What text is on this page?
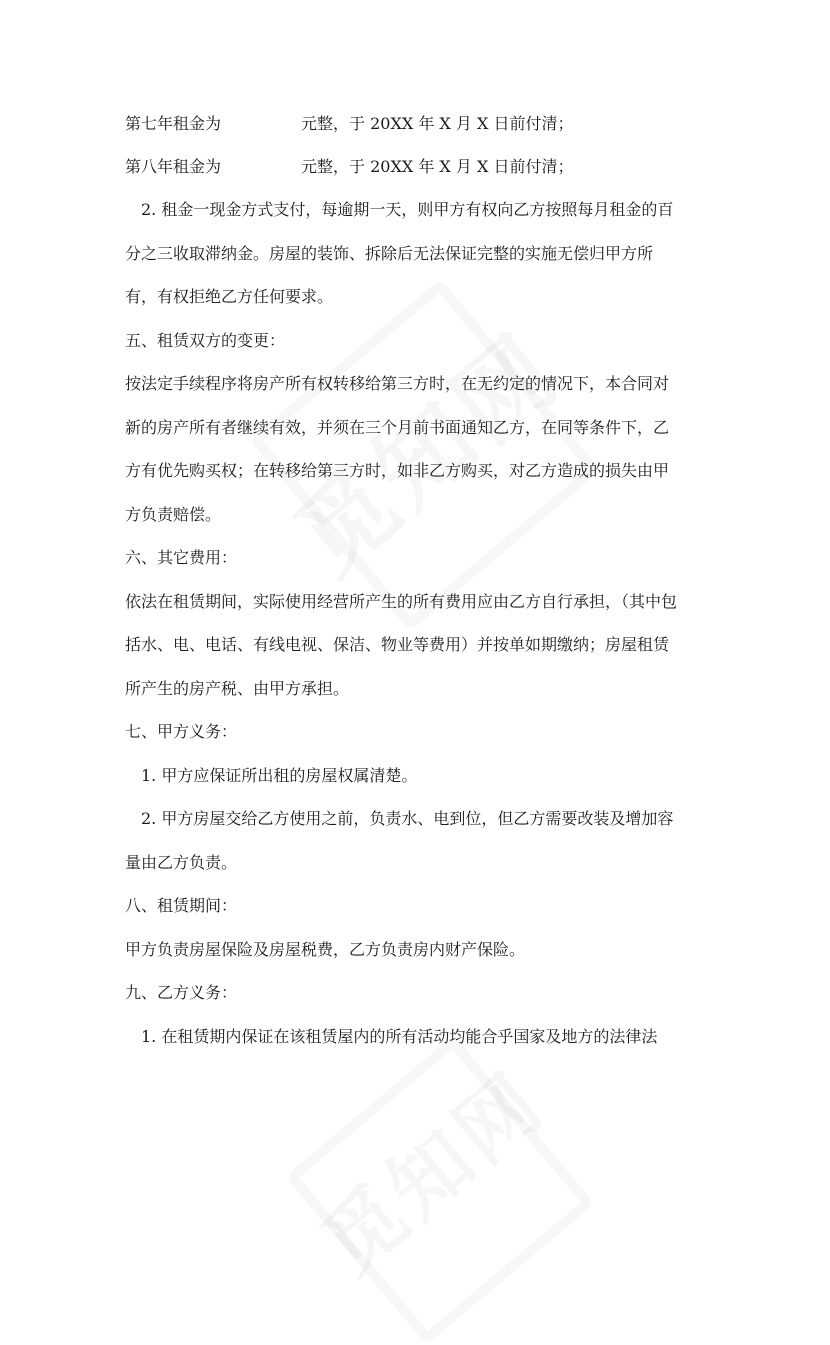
第七年租金为　　　　　元整，于 20XX 年 X 月 X 日前付清；
第八年租金为　　　　　元整，于 20XX 年 X 月 X 日前付清；
　2. 租金一现金方式支付，每逾期一天，则甲方有权向乙方按照每月租金的百
分之三收取滞纳金。房屋的装饰、拆除后无法保证完整的实施无偿归甲方所
有，有权拒绝乙方任何要求。
五、租赁双方的变更：
按法定手续程序将房产所有权转移给第三方时，在无约定的情况下，本合同对
新的房产所有者继续有效，并须在三个月前书面通知乙方，在同等条件下，乙
方有优先购买权；在转移给第三方时，如非乙方购买，对乙方造成的损失由甲
方负责赔偿。
六、其它费用：
依法在租赁期间，实际使用经营所产生的所有费用应由乙方自行承担，（其中包
括水、电、电话、有线电视、保洁、物业等费用）并按单如期缴纳；房屋租赁
所产生的房产税、由甲方承担。
七、甲方义务：
　1. 甲方应保证所出租的房屋权属清楚。
　2. 甲方房屋交给乙方使用之前，负责水、电到位，但乙方需要改装及增加容
量由乙方负责。
八、租赁期间：
甲方负责房屋保险及房屋税费，乙方负责房内财产保险。
九、乙方义务：
　1. 在租赁期内保证在该租赁屋内的所有活动均能合乎国家及地方的法律法
